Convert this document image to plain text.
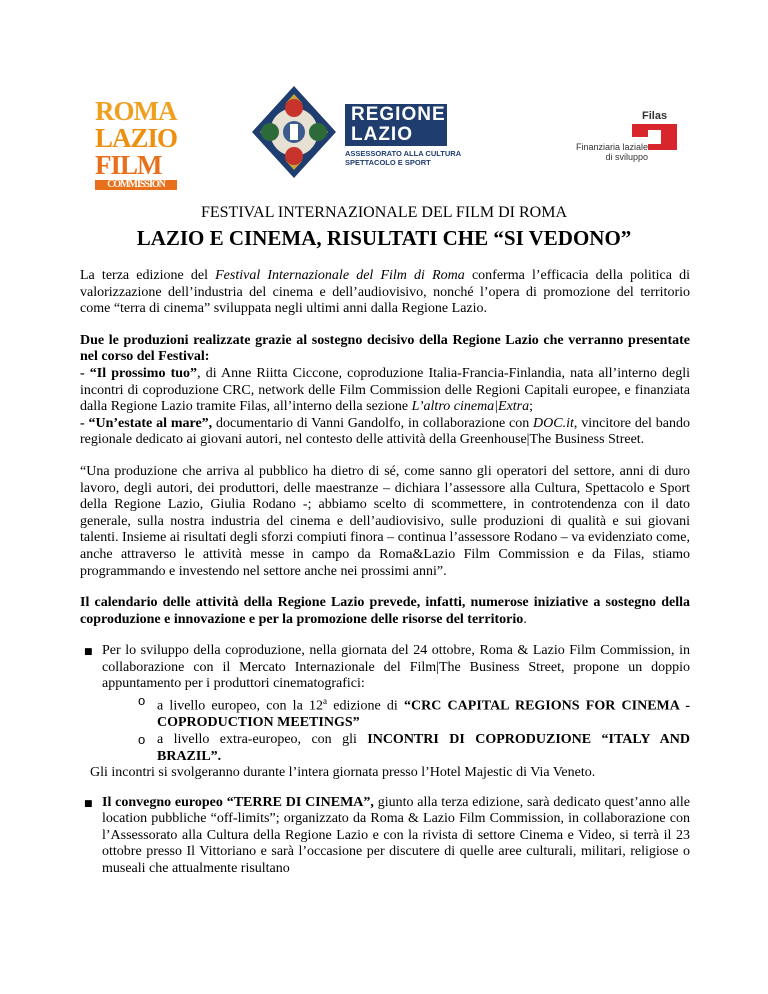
ROMA
LAZIO
FILM
COMMISSION
REGIONE
LAZIO
ASSESSORATO ALLA CULTURA
SPETTACOLO E SPORT
Filas
Finanziaria laziale
di sviluppo
FESTIVAL INTERNAZIONALE DEL FILM DI ROMA
LAZIO E CINEMA, RISULTATI CHE “SI VEDONO”

La terza edizione del Festival Internazionale del Film di Roma conferma l’efficacia della politica di valorizzazione dell’industria del cinema e dell’audiovisivo, nonché l’opera di promozione del territorio come “terra di cinema” sviluppata negli ultimi anni dalla Regione Lazio.

Due le produzioni realizzate grazie al sostegno decisivo della Regione Lazio che verranno presentate nel corso del Festival:
- “Il prossimo tuo”, di Anne Riitta Ciccone, coproduzione Italia-Francia-Finlandia, nata all’interno degli incontri di coproduzione CRC, network delle Film Commission delle Regioni Capitali europee, e finanziata dalla Regione Lazio tramite Filas, all’interno della sezione L’altro cinema|Extra;
- “Un’estate al mare”, documentario di Vanni Gandolfo, in collaborazione con DOC.it, vincitore del bando regionale dedicato ai giovani autori, nel contesto delle attività della Greenhouse|The Business Street.

“Una produzione che arriva al pubblico ha dietro di sé, come sanno gli operatori del settore, anni di duro lavoro, degli autori, dei produttori, delle maestranze – dichiara l’assessore alla Cultura, Spettacolo e Sport della Regione Lazio, Giulia Rodano -; abbiamo scelto di scommettere, in controtendenza con il dato generale, sulla nostra industria del cinema e dell’audiovisivo, sulle produzioni di qualità e sui giovani talenti. Insieme ai risultati degli sforzi compiuti finora – continua l’assessore Rodano – va evidenziato come, anche attraverso le attività messe in campo da Roma&Lazio Film Commission e da Filas, stiamo programmando e investendo nel settore anche nei prossimi anni”.

Il calendario delle attività della Regione Lazio prevede, infatti, numerose iniziative a sostegno della coproduzione e innovazione e per la promozione delle risorse del territorio.

■ Per lo sviluppo della coproduzione, nella giornata del 24 ottobre, Roma & Lazio Film Commission, in collaborazione con il Mercato Internazionale del Film|The Business Street, propone un doppio appuntamento per i produttori cinematografici:
o a livello europeo, con la 12$^a$ edizione di “CRC CAPITAL REGIONS FOR CINEMA - COPRODUCTION MEETINGS”
o a livello extra-europeo, con gli INCONTRI DI COPRODUZIONE “ITALY AND BRAZIL”.
Gli incontri si svolgeranno durante l’intera giornata presso l’Hotel Majestic di Via Veneto.
■ Il convegno europeo “TERRE DI CINEMA”, giunto alla terza edizione, sarà dedicato quest’anno alle location pubbliche “off-limits”; organizzato da Roma & Lazio Film Commission, in collaborazione con l’Assessorato alla Cultura della Regione Lazio e con la rivista di settore Cinema e Video, si terrà il 23 ottobre presso Il Vittoriano e sarà l’occasione per discutere di quelle aree culturali, militari, religiose o museali che attualmente risultano
